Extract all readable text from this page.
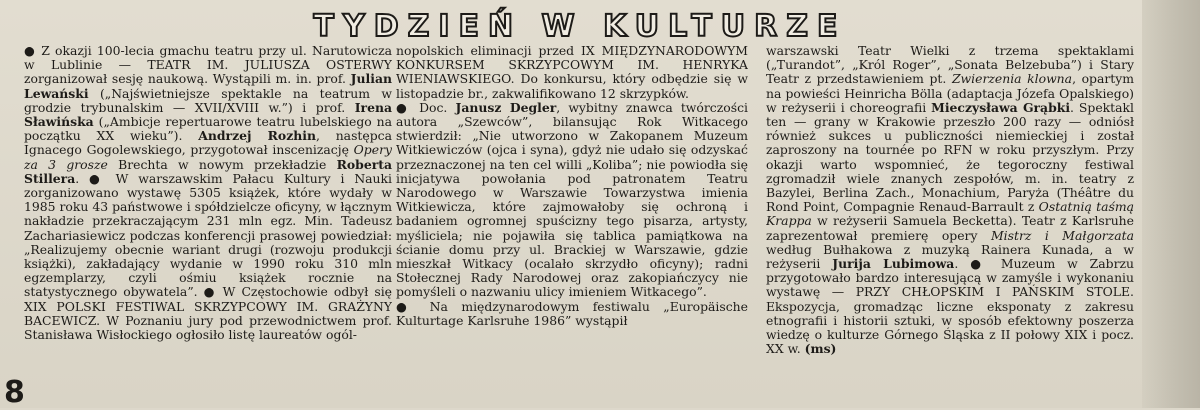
TYDZIEŃ W KULTURZE

● Z okazji 100-lecia gmachu teatru przy ul. Narutowicza w Lublinie — TEATR IM. JULIUSZA OSTERWY zorganizował sesję naukową. Wystąpili m. in. prof. Julian Lewański („Najświetniejsze spektakle na teatrum w grodzie trybunalskim — XVII/XVIII w.”) i prof. Irena Sławińska („Ambicje repertuarowe teatru lubelskiego na początku XX wieku”). Andrzej Rozhin, następca Ignacego Gogolewskiego, przygotował inscenizację Opery za 3 grosze Brechta w nowym przekładzie Roberta Stillera. ● W warszawskim Pałacu Kultury i Nauki zorganizowano wystawę 5305 książek, które wydały w 1985 roku 43 państwowe i spółdzielcze oficyny, w łącznym nakładzie przekraczającym 231 mln egz. Min. Tadeusz Zachariasiewicz podczas konferencji prasowej powiedział: „Realizujemy obecnie wariant drugi (rozwoju produkcji książki), zakładający wydanie w 1990 roku 310 mln egzemplarzy, czyli ośmiu książek rocznie na statystycznego obywatela”. ● W Częstochowie odbył się XIX POLSKI FESTIWAL SKRZYPCOWY IM. GRAŻYNY BACEWICZ. W Poznaniu jury pod przewodnictwem prof. Stanisława Wisłockiego ogłosiło listę laureatów ogól-

nopolskich eliminacji przed IX MIĘDZYNARODOWYM KONKURSEM SKRZYPCOWYM IM. HENRYKA WIENIAWSKIEGO. Do konkursu, który odbędzie się w listopadzie br., zakwalifikowano 12 skrzypków.

● Doc. Janusz Degler, wybitny znawca twórczości autora „Szewców”, bilansując Rok Witkacego stwierdził: „Nie utworzono w Zakopanem Muzeum Witkiewiczów (ojca i syna), gdyż nie udało się odzyskać przeznaczonej na ten cel willi „Koliba”; nie powiodła się inicjatywa powołania pod patronatem Teatru Narodowego w Warszawie Towarzystwa imienia Witkiewicza, które zajmowałoby się ochroną i badaniem ogromnej spuścizny tego pisarza, artysty, myśliciela; nie pojawiła się tablica pamiątkowa na ścianie domu przy ul. Brackiej w Warszawie, gdzie mieszkał Witkacy (ocalało skrzydło oficyny); radni Stołecznej Rady Narodowej oraz zakopiańczycy nie pomyśleli o nazwaniu ulicy imieniem Witkacego”.

● Na międzynarodowym festiwalu „Europäische Kulturtage Karlsruhe 1986” wystąpił

warszawski Teatr Wielki z trzema spektaklami („Turandot”, „Król Roger”, „Sonata Belzebuba”) i Stary Teatr z przedstawieniem pt. Zwierzenia klowna, opartym na powieści Heinricha Bölla (adaptacja Józefa Opalskiego) w reżyserii i choreografii Mieczysława Grąbki. Spektakl ten — grany w Krakowie przeszło 200 razy — odniósł również sukces u publiczności niemieckiej i został zaproszony na tournée po RFN w roku przyszłym. Przy okazji warto wspomnieć, że tegoroczny festiwal zgromadził wiele znanych zespołów, m. in. teatry z Bazylei, Berlina Zach., Monachium, Paryża (Théâtre du Rond Point, Compagnie Renaud-Barrault z Ostatnią taśmą Krappa w reżyserii Samuela Becketta). Teatr z Karlsruhe zaprezentował premierę opery Mistrz i Małgorzata według Bułhakowa z muzyką Rainera Kunada, a w reżyserii Jurija Lubimowa. ● Muzeum w Zabrzu przygotowało bardzo interesującą w zamyśle i wykonaniu wystawę — PRZY CHŁOPSKIM I PAŃSKIM STOLE. Ekspozycja, gromadząc liczne eksponaty z zakresu etnografii i historii sztuki, w sposób efektowny poszerza wiedzę o kulturze Górnego Śląska z II połowy XIX i pocz. XX w. (ms)

8
